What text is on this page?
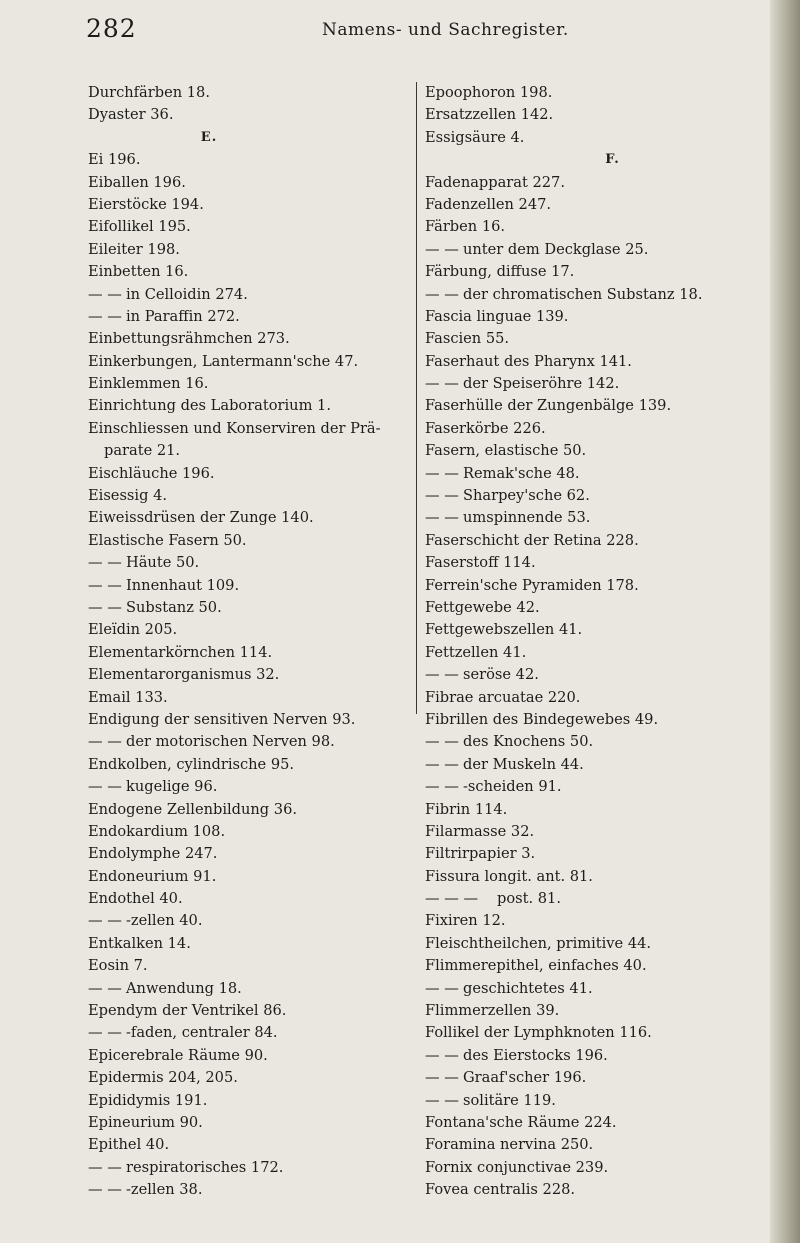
282	Namens- und Sachregister.
Durchfärben 18.
Dyaster 36.
E.
Ei 196.
Eiballen 196.
Eierstöcke 194.
Eifollikel 195.
Eileiter 198.
Einbetten 16.
— — in Celloidin 274.
— — in Paraffin 272.
Einbettungsrähmchen 273.
Einkerbungen, Lantermann'sche 47.
Einklemmen 16.
Einrichtung des Laboratorium 1.
Einschliessen und Konserviren der Prä-
parate 21.
Eischläuche 196.
Eisessig 4.
Eiweissdrüsen der Zunge 140.
Elastische Fasern 50.
— — Häute 50.
— — Innenhaut 109.
— — Substanz 50.
Eleïdin 205.
Elementarkörnchen 114.
Elementarorganismus 32.
Email 133.
Endigung der sensitiven Nerven 93.
— — der motorischen Nerven 98.
Endkolben, cylindrische 95.
— — kugelige 96.
Endogene Zellenbildung 36.
Endokardium 108.
Endolymphe 247.
Endoneurium 91.
Endothel 40.
— — -zellen 40.
Entkalken 14.
Eosin 7.
— — Anwendung 18.
Ependym der Ventrikel 86.
— — -faden, centraler 84.
Epicerebrale Räume 90.
Epidermis 204, 205.
Epididymis 191.
Epineurium 90.
Epithel 40.
— — respiratorisches 172.
— — -zellen 38.
Epoophoron 198.
Ersatzzellen 142.
Essigsäure 4.
F.
Fadenapparat 227.
Fadenzellen 247.
Färben 16.
— — unter dem Deckglase 25.
Färbung, diffuse 17.
— — der chromatischen Substanz 18.
Fascia linguae 139.
Fascien 55.
Faserhaut des Pharynx 141.
— — der Speiseröhre 142.
Faserhülle der Zungenbälge 139.
Faserkörbe 226.
Fasern, elastische 50.
— — Remak'sche 48.
— — Sharpey'sche 62.
— — umspinnende 53.
Faserschicht der Retina 228.
Faserstoff 114.
Ferrein'sche Pyramiden 178.
Fettgewebe 42.
Fettgewebszellen 41.
Fettzellen 41.
— — seröse 42.
Fibrae arcuatae 220.
Fibrillen des Bindegewebes 49.
— — des Knochens 50.
— — der Muskeln 44.
— — -scheiden 91.
Fibrin 114.
Filarmasse 32.
Filtrirpapier 3.
Fissura longit. ant. 81.
— — — post. 81.
Fixiren 12.
Fleischtheilchen, primitive 44.
Flimmerepithel, einfaches 40.
— — geschichtetes 41.
Flimmerzellen 39.
Follikel der Lymphknoten 116.
— — des Eierstocks 196.
— — Graaf'scher 196.
— — solitäre 119.
Fontana'sche Räume 224.
Foramina nervina 250.
Fornix conjunctivae 239.
Fovea centralis 228.
